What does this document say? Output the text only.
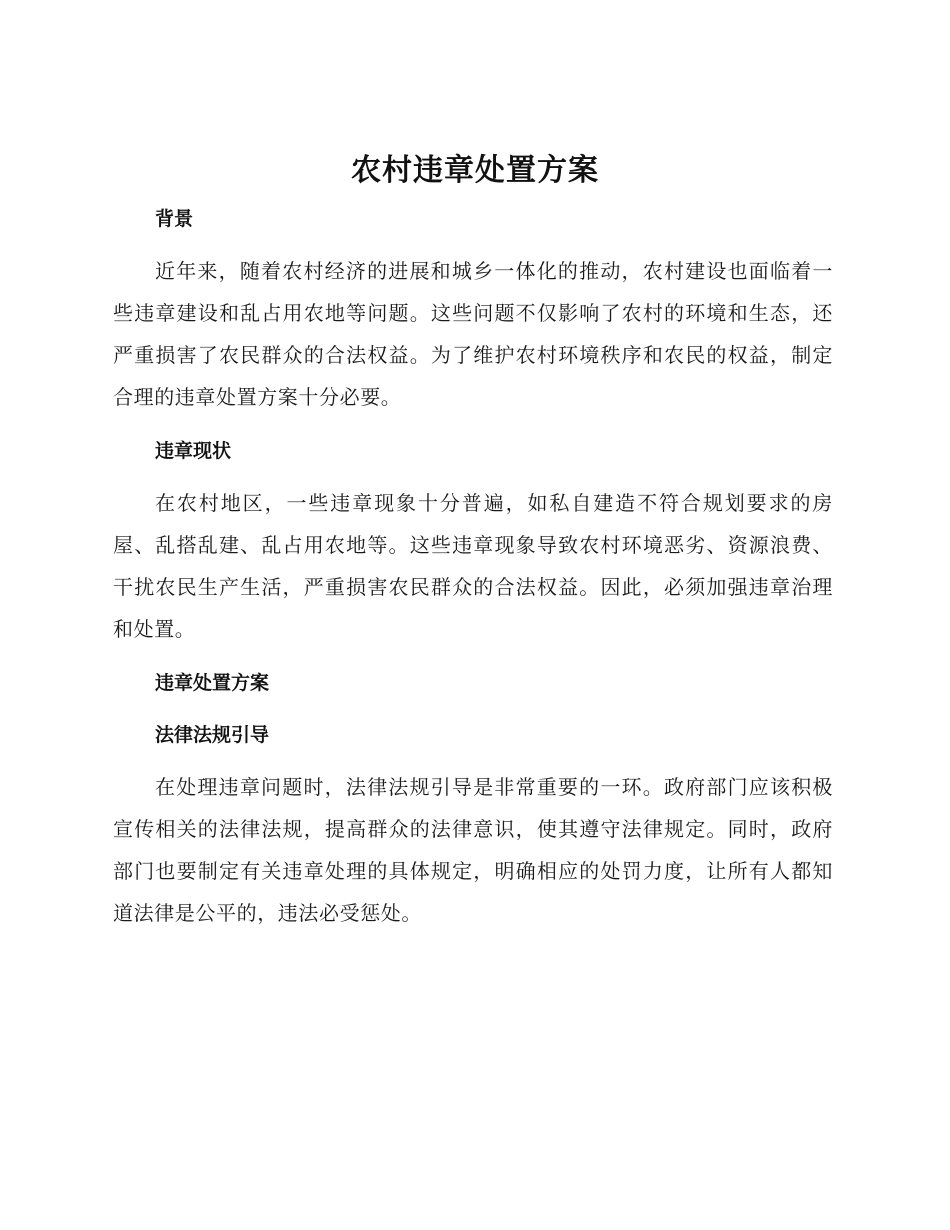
农村违章处置方案
背景

近年来，随着农村经济的进展和城乡一体化的推动，农村建设也面临着一些违章建设和乱占用农地等问题。这些问题不仅影响了农村的环境和生态，还严重损害了农民群众的合法权益。为了维护农村环境秩序和农民的权益，制定合理的违章处置方案十分必要。

违章现状

在农村地区，一些违章现象十分普遍，如私自建造不符合规划要求的房屋、乱搭乱建、乱占用农地等。这些违章现象导致农村环境恶劣、资源浪费、干扰农民生产生活，严重损害农民群众的合法权益。因此，必须加强违章治理和处置。

违章处置方案
法律法规引导

在处理违章问题时，法律法规引导是非常重要的一环。政府部门应该积极宣传相关的法律法规，提高群众的法律意识，使其遵守法律规定。同时，政府部门也要制定有关违章处理的具体规定，明确相应的处罚力度，让所有人都知道法律是公平的，违法必受惩处。
